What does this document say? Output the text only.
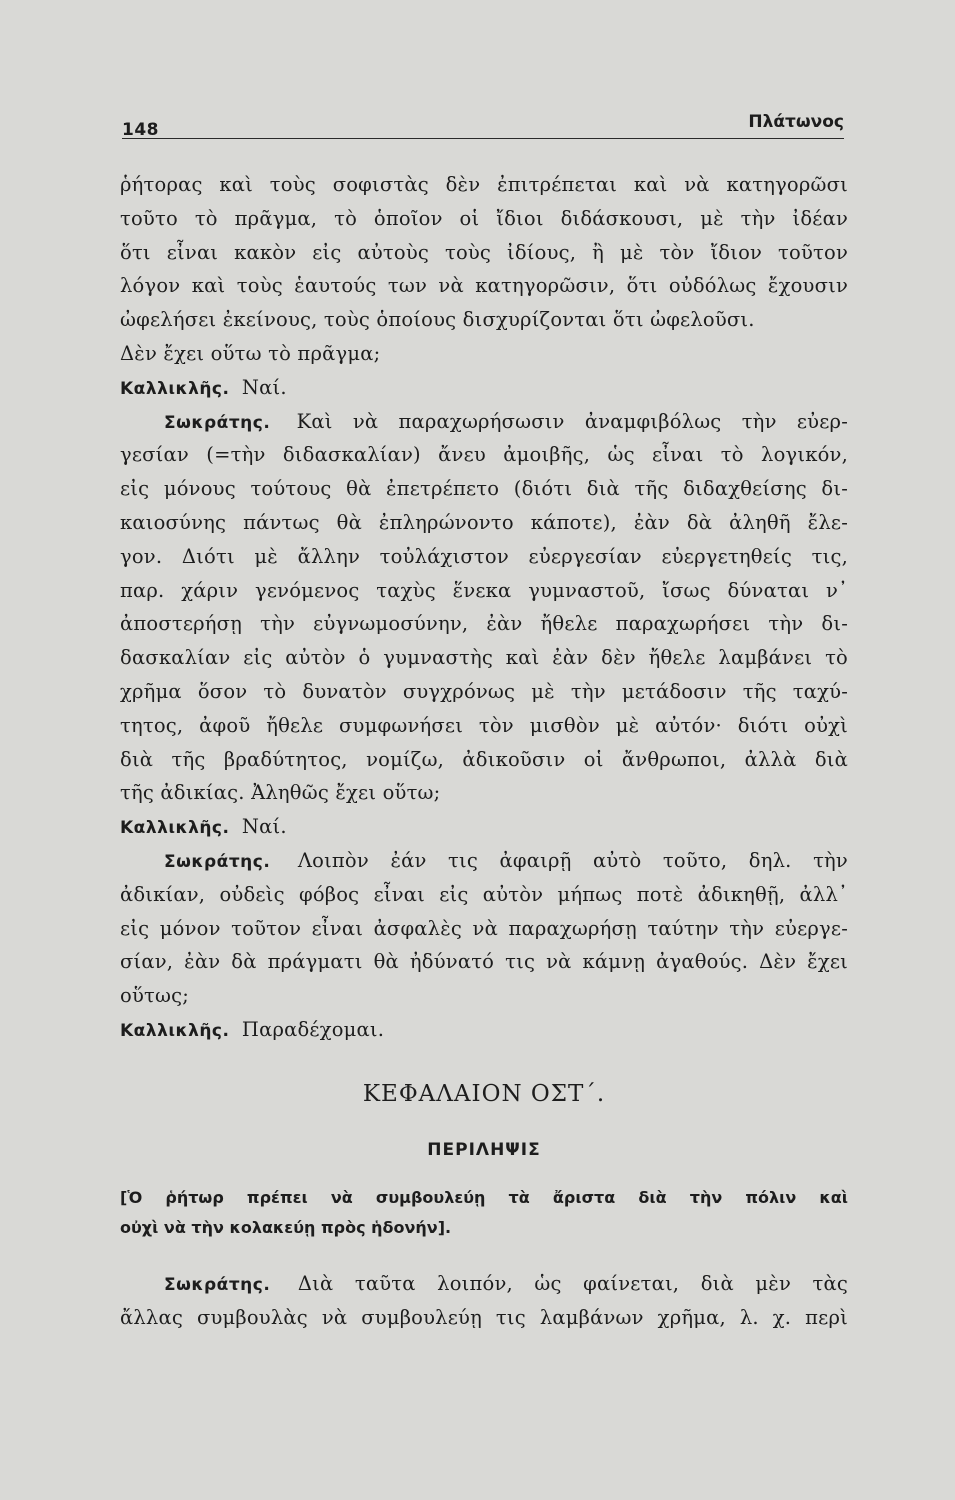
148	Πλάτωνος
ῥήτορας καὶ τοὺς σοφιστὰς δὲν ἐπιτρέπεται καὶ νὰ κατηγορῶσι
τοῦτο τὸ πρᾶγμα, τὸ ὁποῖον οἱ ἴδιοι διδάσκουσι, μὲ τὴν ἰδέαν
ὅτι εἶναι κακὸν εἰς αὐτοὺς τοὺς ἰδίους, ἢ μὲ τὸν ἴδιον τοῦτον
λόγον καὶ τοὺς ἑαυτούς των νὰ κατηγορῶσιν, ὅτι οὐδόλως ἔχουσιν
ὠφελήσει ἐκείνους, τοὺς ὁποίους δισχυρίζονται ὅτι ὠφελοῦσι.
Δὲν ἔχει οὕτω τὸ πρᾶγμα;
Καλλικλῆς. Ναί.
Σωκράτης. Καὶ νὰ παραχωρήσωσιν ἀναμφιβόλως τὴν εὐερ-
γεσίαν (=τὴν διδασκαλίαν) ἄνευ ἀμοιβῆς, ὡς εἶναι τὸ λογικόν,
εἰς μόνους τούτους θὰ ἐπετρέπετο (διότι διὰ τῆς διδαχθείσης δι-
καιοσύνης πάντως θὰ ἐπληρώνοντο κάποτε), ἐὰν δὰ ἀληθῆ ἔλε-
γον. Διότι μὲ ἄλλην τοὐλάχιστον εὐεργεσίαν εὐεργετηθείς τις,
παρ. χάριν γενόμενος ταχὺς ἕνεκα γυμναστοῦ, ἴσως δύναται ν᾽
ἀποστερήσῃ τὴν εὐγνωμοσύνην, ἐὰν ἤθελε παραχωρήσει τὴν δι-
δασκαλίαν εἰς αὐτὸν ὁ γυμναστὴς καὶ ἐὰν δὲν ἤθελε λαμβάνει τὸ
χρῆμα ὅσον τὸ δυνατὸν συγχρόνως μὲ τὴν μετάδοσιν τῆς ταχύ-
τητος, ἀφοῦ ἤθελε συμφωνήσει τὸν μισθὸν μὲ αὐτόν· διότι οὐχὶ
διὰ τῆς βραδύτητος, νομίζω, ἀδικοῦσιν οἱ ἄνθρωποι, ἀλλὰ διὰ
τῆς ἀδικίας. Ἀληθῶς ἔχει οὕτω;
Καλλικλῆς. Ναί.
Σωκράτης. Λοιπὸν ἐάν τις ἀφαιρῇ αὐτὸ τοῦτο, δηλ. τὴν
ἀδικίαν, οὐδεὶς φόβος εἶναι εἰς αὐτὸν μήπως ποτὲ ἀδικηθῇ, ἀλλ᾽
εἰς μόνον τοῦτον εἶναι ἀσφαλὲς νὰ παραχωρήσῃ ταύτην τὴν εὐεργε-
σίαν, ἐὰν δὰ πράγματι θὰ ἠδύνατό τις νὰ κάμνῃ ἀγαθούς. Δὲν ἔχει
οὕτως;
Καλλικλῆς. Παραδέχομαι.
ΚΕΦΑΛΑΙΟΝ ΟΣΤ΄.
ΠΕΡΙΛΗΨΙΣ
[Ὁ ῥήτωρ πρέπει νὰ συμβουλεύῃ τὰ ἄριστα διὰ τὴν πόλιν καὶ
οὐχὶ νὰ τὴν κολακεύῃ πρὸς ἡδονήν].
Σωκράτης. Διὰ ταῦτα λοιπόν, ὡς φαίνεται, διὰ μὲν τὰς
ἄλλας συμβουλὰς νὰ συμβουλεύῃ τις λαμβάνων χρῆμα, λ. χ. περὶ
